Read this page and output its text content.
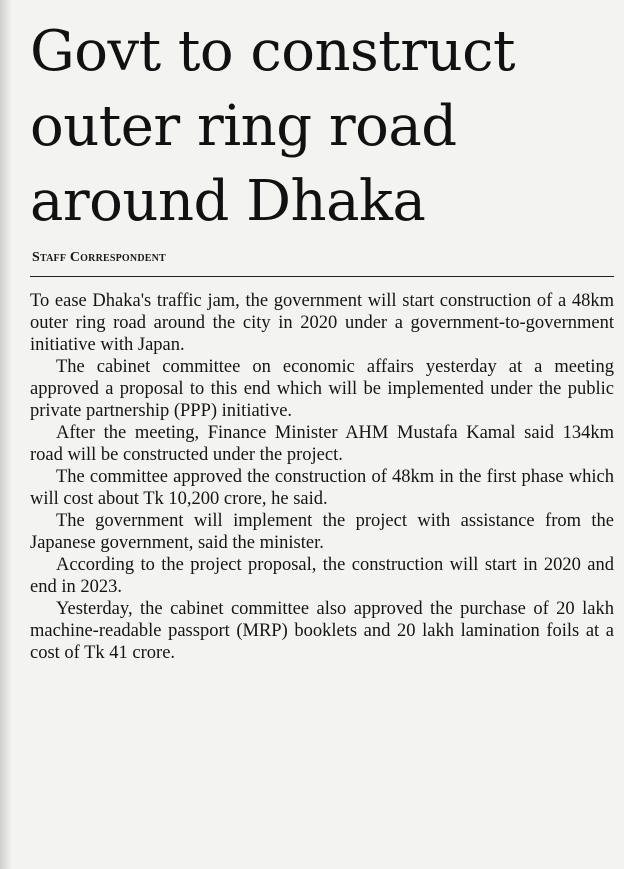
Govt to construct outer ring road around Dhaka

Staff Correspondent

To ease Dhaka's traffic jam, the government will start construction of a 48km outer ring road around the city in 2020 under a government-to-government initiative with Japan.

The cabinet committee on economic affairs yesterday at a meeting approved a proposal to this end which will be implemented under the public private partnership (PPP) initiative.

After the meeting, Finance Minister AHM Mustafa Kamal said 134km road will be constructed under the project.

The committee approved the construction of 48km in the first phase which will cost about Tk 10,200 crore, he said.

The government will implement the project with assistance from the Japanese government, said the minister.

According to the project proposal, the construction will start in 2020 and end in 2023.

Yesterday, the cabinet committee also approved the purchase of 20 lakh machine-readable passport (MRP) booklets and 20 lakh lamination foils at a cost of Tk 41 crore.
